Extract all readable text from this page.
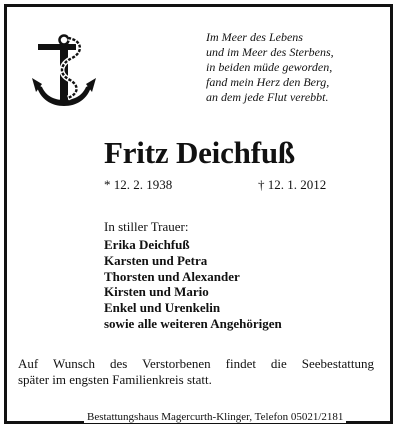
Im Meer des Lebens
und im Meer des Sterbens,
in beiden müde geworden,
fand mein Herz den Berg,
an dem jede Flut verebbt.
Fritz Deichfuß
* 12. 2. 1938	† 12. 1. 2012
In stiller Trauer:
Erika Deichfuß
Karsten und Petra
Thorsten und Alexander
Kirsten und Mario
Enkel und Urenkelin
sowie alle weiteren Angehörigen
Auf Wunsch des Verstorbenen findet die Seebestattung
später im engsten Familienkreis statt.
Bestattungshaus Magercurth-Klinger, Telefon 05021/2181
